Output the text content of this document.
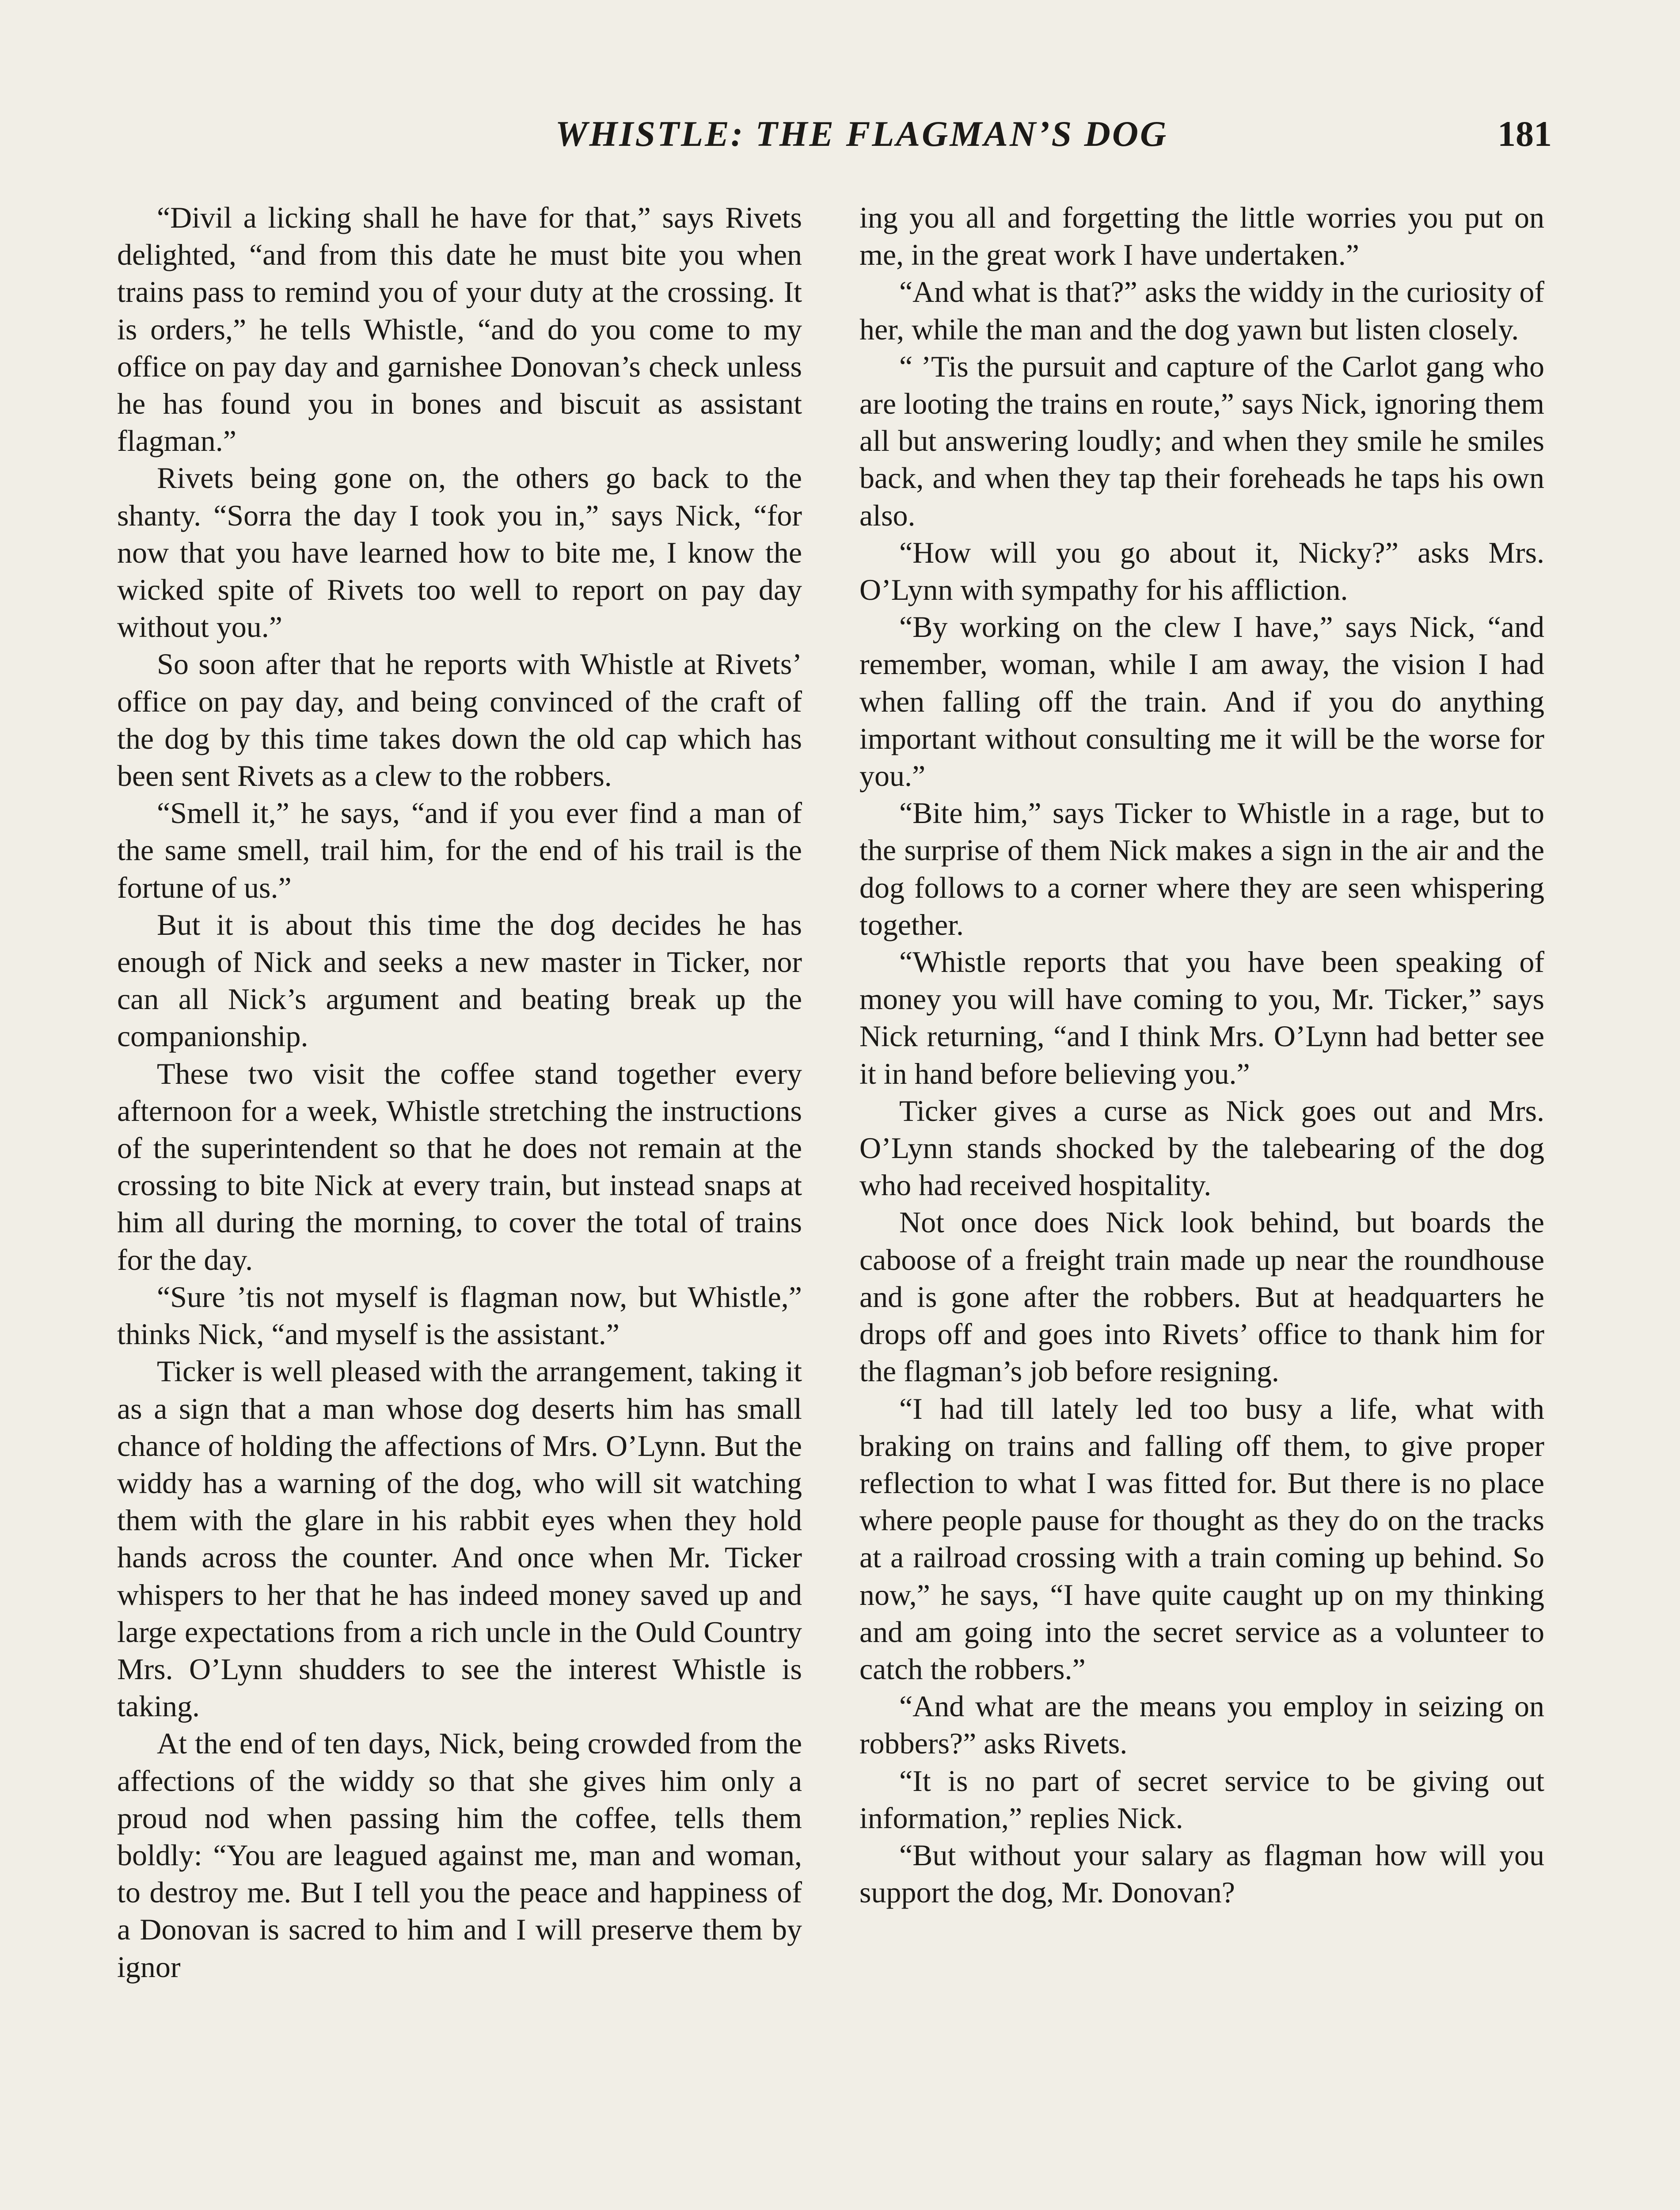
WHISTLE: THE FLAGMAN’S DOG	181

“Divil a licking shall he have for that,” says Rivets delighted, “and from this date he must bite you when trains pass to remind you of your duty at the crossing. It is orders,” he tells Whistle, “and do you come to my office on pay day and garnishee Donovan’s check unless he has found you in bones and biscuit as assistant flagman.”

Rivets being gone on, the others go back to the shanty. “Sorra the day I took you in,” says Nick, “for now that you have learned how to bite me, I know the wicked spite of Rivets too well to report on pay day without you.”

So soon after that he reports with Whistle at Rivets’ office on pay day, and being convinced of the craft of the dog by this time takes down the old cap which has been sent Rivets as a clew to the robbers.

“Smell it,” he says, “and if you ever find a man of the same smell, trail him, for the end of his trail is the fortune of us.”

But it is about this time the dog decides he has enough of Nick and seeks a new master in Ticker, nor can all Nick’s argument and beating break up the companionship.

These two visit the coffee stand together every afternoon for a week, Whistle stretching the instructions of the superintendent so that he does not remain at the crossing to bite Nick at every train, but instead snaps at him all during the morning, to cover the total of trains for the day.

“Sure ’tis not myself is flagman now, but Whistle,” thinks Nick, “and myself is the assistant.”

Ticker is well pleased with the arrangement, taking it as a sign that a man whose dog deserts him has small chance of holding the affections of Mrs. O’Lynn. But the widdy has a warning of the dog, who will sit watching them with the glare in his rabbit eyes when they hold hands across the counter. And once when Mr. Ticker whispers to her that he has indeed money saved up and large expectations from a rich uncle in the Ould Country Mrs. O’Lynn shudders to see the interest Whistle is taking.

At the end of ten days, Nick, being crowded from the affections of the widdy so that she gives him only a proud nod when passing him the coffee, tells them boldly: “You are leagued against me, man and woman, to destroy me. But I tell you the peace and happiness of a Donovan is sacred to him and I will preserve them by ignor

ing you all and forgetting the little worries you put on me, in the great work I have undertaken.”

“And what is that?” asks the widdy in the curiosity of her, while the man and the dog yawn but listen closely.

“ ’Tis the pursuit and capture of the Carlot gang who are looting the trains en route,” says Nick, ignoring them all but answering loudly; and when they smile he smiles back, and when they tap their foreheads he taps his own also.

“How will you go about it, Nicky?” asks Mrs. O’Lynn with sympathy for his affliction.

“By working on the clew I have,” says Nick, “and remember, woman, while I am away, the vision I had when falling off the train. And if you do anything important without consulting me it will be the worse for you.”

“Bite him,” says Ticker to Whistle in a rage, but to the surprise of them Nick makes a sign in the air and the dog follows to a corner where they are seen whispering together.

“Whistle reports that you have been speaking of money you will have coming to you, Mr. Ticker,” says Nick returning, “and I think Mrs. O’Lynn had better see it in hand before believing you.”

Ticker gives a curse as Nick goes out and Mrs. O’Lynn stands shocked by the talebearing of the dog who had received hospitality.

Not once does Nick look behind, but boards the caboose of a freight train made up near the roundhouse and is gone after the robbers. But at headquarters he drops off and goes into Rivets’ office to thank him for the flagman’s job before resigning.

“I had till lately led too busy a life, what with braking on trains and falling off them, to give proper reflection to what I was fitted for. But there is no place where people pause for thought as they do on the tracks at a railroad crossing with a train coming up behind. So now,” he says, “I have quite caught up on my thinking and am going into the secret service as a volunteer to catch the robbers.”

“And what are the means you employ in seizing on robbers?” asks Rivets.

“It is no part of secret service to be giving out information,” replies Nick.

“But without your salary as flagman how will you support the dog, Mr. Donovan?
